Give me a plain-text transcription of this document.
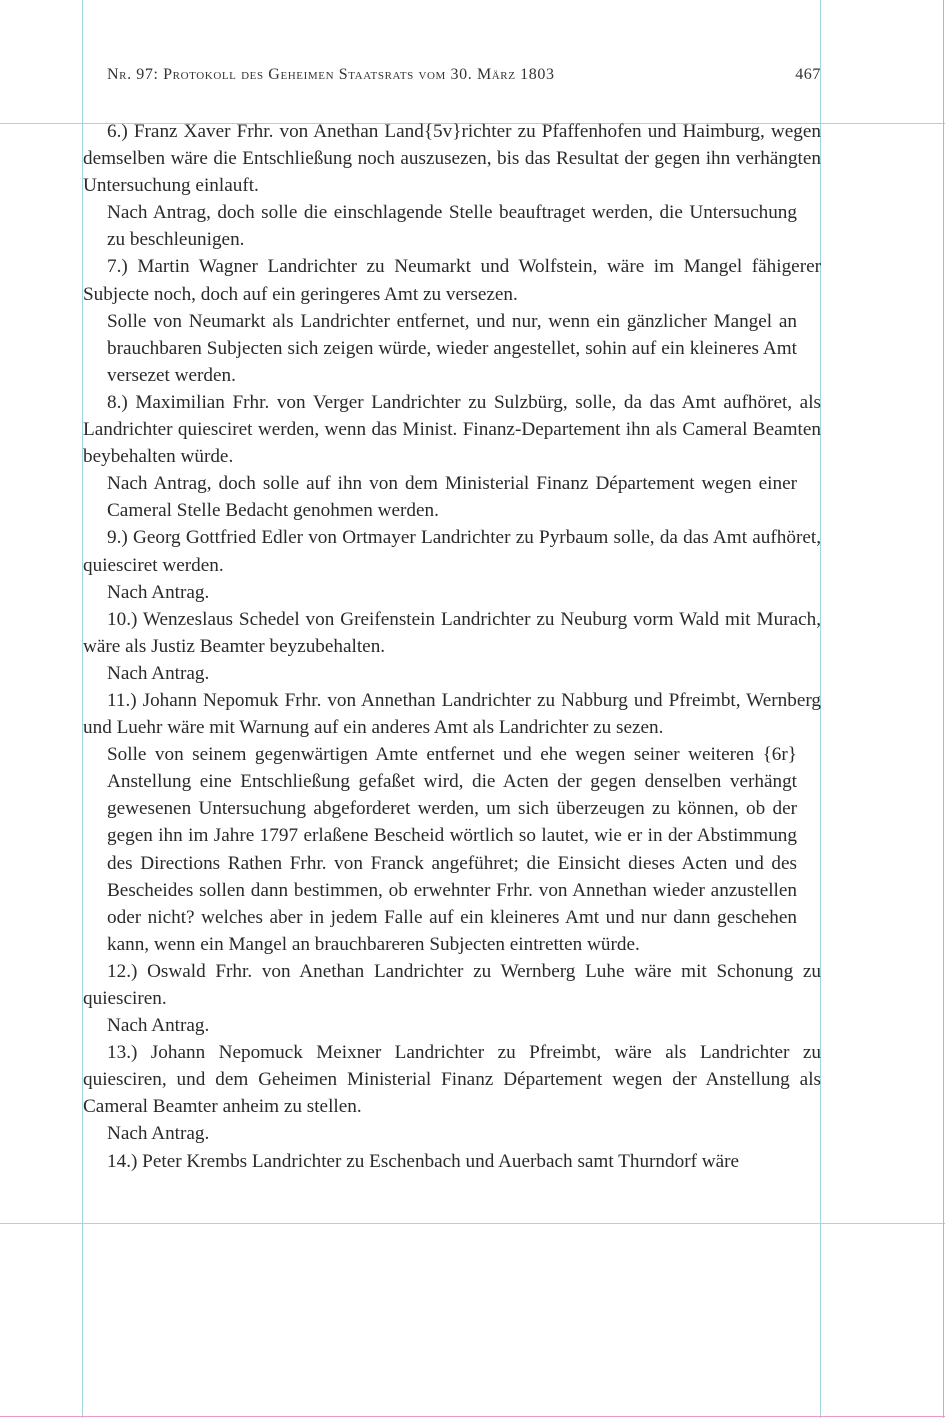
Nr. 97: Protokoll des Geheimen Staatsrats vom 30. März 1803	467

6.) Franz Xaver Frhr. von Anethan Land{5v}richter zu Pfaffenhofen und Haimburg, wegen demselben wäre die Entschließung noch auszusezen, bis das Resultat der gegen ihn verhängten Untersuchung einlauft.

Nach Antrag, doch solle die einschlagende Stelle beauftraget werden, die Untersuchung zu beschleunigen.

7.) Martin Wagner Landrichter zu Neumarkt und Wolfstein, wäre im Mangel fähigerer Subjecte noch, doch auf ein geringeres Amt zu versezen.

Solle von Neumarkt als Landrichter entfernet, und nur, wenn ein gänzlicher Mangel an brauchbaren Subjecten sich zeigen würde, wieder angestellet, sohin auf ein kleineres Amt versezet werden.

8.) Maximilian Frhr. von Verger Landrichter zu Sulzbürg, solle, da das Amt aufhöret, als Landrichter quiesciret werden, wenn das Minist. Finanz-Departement ihn als Cameral Beamten beybehalten würde.

Nach Antrag, doch solle auf ihn von dem Ministerial Finanz Département wegen einer Cameral Stelle Bedacht genohmen werden.

9.) Georg Gottfried Edler von Ortmayer Landrichter zu Pyrbaum solle, da das Amt aufhöret, quiesciret werden.

Nach Antrag.

10.) Wenzeslaus Schedel von Greifenstein Landrichter zu Neuburg vorm Wald mit Murach, wäre als Justiz Beamter beyzubehalten.

Nach Antrag.

11.) Johann Nepomuk Frhr. von Annethan Landrichter zu Nabburg und Pfreimbt, Wernberg und Luehr wäre mit Warnung auf ein anderes Amt als Landrichter zu sezen.

Solle von seinem gegenwärtigen Amte entfernet und ehe wegen seiner weiteren {6r} Anstellung eine Entschließung gefaßet wird, die Acten der gegen denselben verhängt gewesenen Untersuchung abgeforderet werden, um sich überzeugen zu können, ob der gegen ihn im Jahre 1797 erlaßene Bescheid wörtlich so lautet, wie er in der Abstimmung des Directions Rathen Frhr. von Franck angeführet; die Einsicht dieses Acten und des Bescheides sollen dann bestimmen, ob erwehnter Frhr. von Annethan wieder anzustellen oder nicht? welches aber in jedem Falle auf ein kleineres Amt und nur dann geschehen kann, wenn ein Mangel an brauchbareren Subjecten eintretten würde.

12.) Oswald Frhr. von Anethan Landrichter zu Wernberg Luhe wäre mit Schonung zu quiesciren.

Nach Antrag.

13.) Johann Nepomuck Meixner Landrichter zu Pfreimbt, wäre als Landrichter zu quiesciren, und dem Geheimen Ministerial Finanz Département wegen der Anstellung als Cameral Beamter anheim zu stellen.

Nach Antrag.

14.) Peter Krembs Landrichter zu Eschenbach und Auerbach samt Thurndorf wäre
